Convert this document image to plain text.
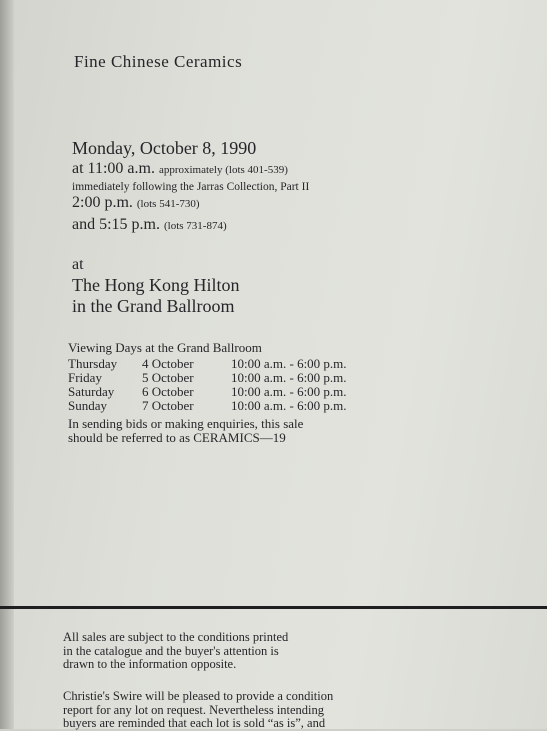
Fine Chinese Ceramics
Monday, October 8, 1990
at 11:00 a.m. approximately (lots 401-539)
immediately following the Jarras Collection, Part II
2:00 p.m. (lots 541-730)
and 5:15 p.m. (lots 731-874)
at
The Hong Kong Hilton
in the Grand Ballroom
Viewing Days at the Grand Ballroom
Thursday	4 October	10:00 a.m. - 6:00 p.m.
Friday	5 October	10:00 a.m. - 6:00 p.m.
Saturday	6 October	10:00 a.m. - 6:00 p.m.
Sunday	7 October	10:00 a.m. - 6:00 p.m.
In sending bids or making enquiries, this sale
should be referred to as CERAMICS—19
All sales are subject to the conditions printed
in the catalogue and the buyer's attention is
drawn to the information opposite.
Christie's Swire will be pleased to provide a condition
report for any lot on request. Nevertheless intending
buyers are reminded that each lot is sold “as is”, and
